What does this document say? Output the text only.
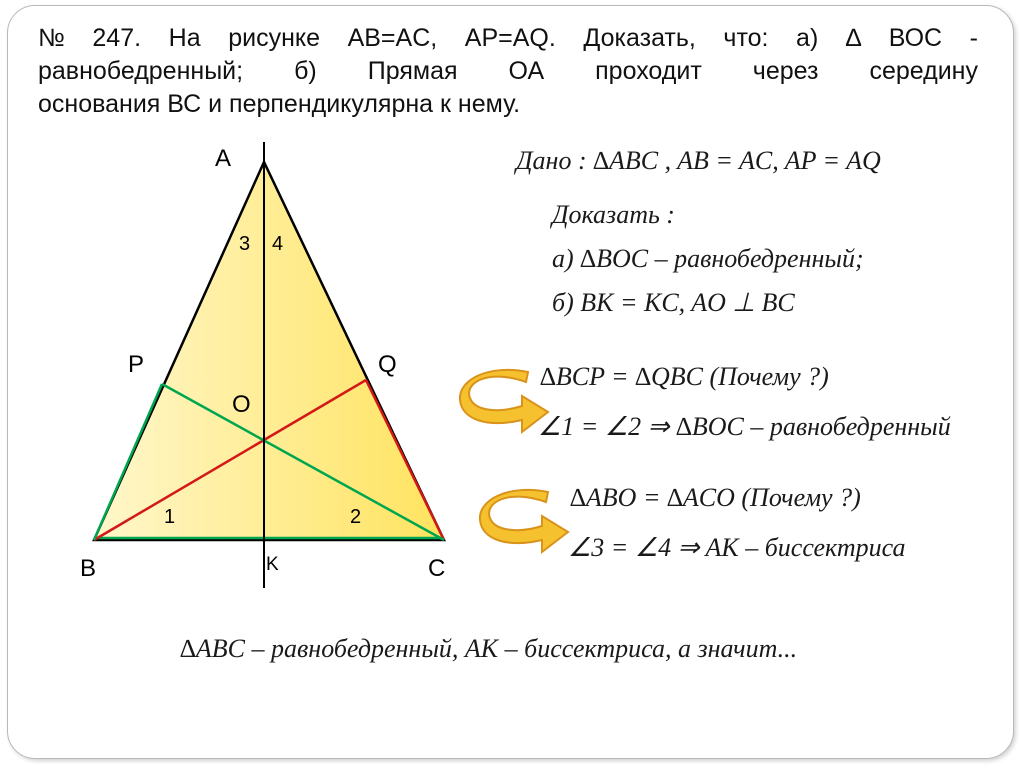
№ 247. На рисунке AB=AC, AP=AQ. Доказать, что: а) ∆ ВОС -
равнобедренный; б) Прямая ОА проходит через середину
основания ВС и перпендикулярна к нему.
A
B	C
P	Q
O
K
3 4
1	2
Дано : ∆ABC , AB = AC, AP = AQ
Доказать :
а) ∆BOC – равнобедренный;
б) BK = KC, AO ⊥ BC
∆BCP = ∆QBC (Почему ?)
∠1 = ∠2 ⇒ ∆BOC – равнобедренный
∆ABO = ∆ACO (Почему ?)
∠3 = ∠4 ⇒ AK – биссектриса
∆ABC – равнобедренный, AK – биссектриса, а значит...
